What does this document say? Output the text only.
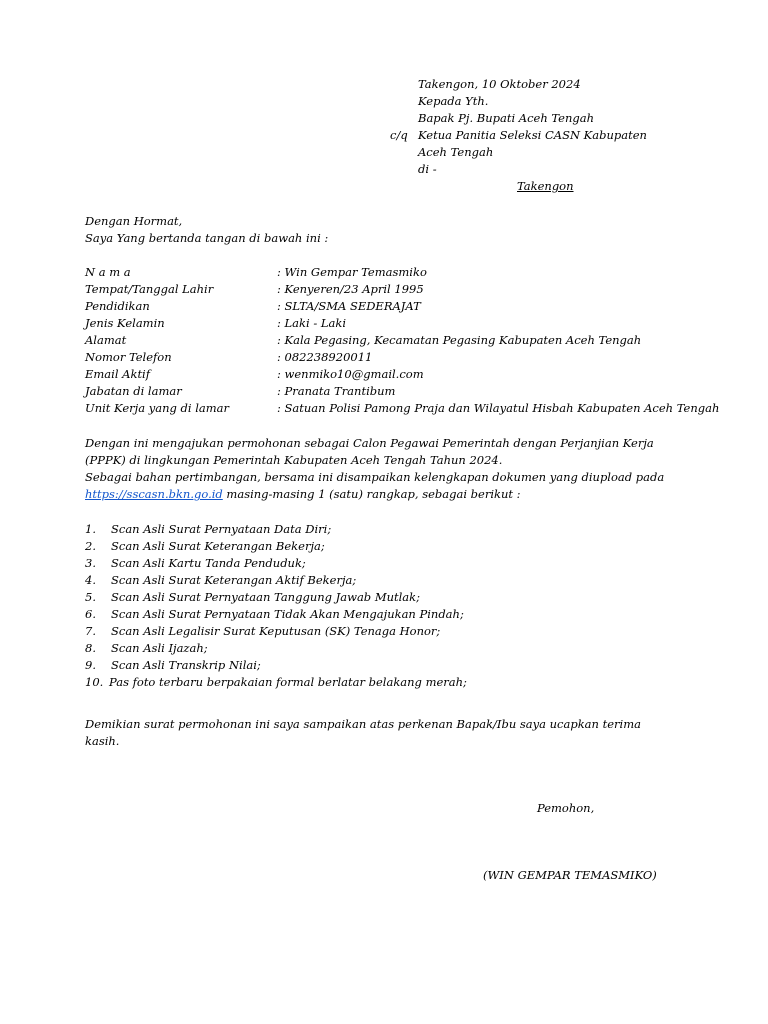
Takengon, 10 Oktober 2024
Kepada Yth.
Bapak Pj. Bupati Aceh Tengah
c/q Ketua Panitia Seleksi CASN Kabupaten
Aceh Tengah
di -
Takengon
Dengan Hormat,
Saya Yang bertanda tangan di bawah ini :
N a m a	: Win Gempar Temasmiko
Tempat/Tanggal Lahir	: Kenyeren/23 April 1995
Pendidikan	: SLTA/SMA SEDERAJAT
Jenis Kelamin	: Laki - Laki
Alamat	: Kala Pegasing, Kecamatan Pegasing Kabupaten Aceh Tengah
Nomor Telefon	: 082238920011
Email Aktif	: wenmiko10@gmail.com
Jabatan di lamar	: Pranata Trantibum
Unit Kerja yang di lamar	: Satuan Polisi Pamong Praja dan Wilayatul Hisbah Kabupaten Aceh Tengah
Dengan ini mengajukan permohonan sebagai Calon Pegawai Pemerintah dengan Perjanjian Kerja
(PPPK) di lingkungan Pemerintah Kabupaten Aceh Tengah Tahun 2024.
Sebagai bahan pertimbangan, bersama ini disampaikan kelengkapan dokumen yang diupload pada
https://sscasn.bkn.go.id masing-masing 1 (satu) rangkap, sebagai berikut :
1. Scan Asli Surat Pernyataan Data Diri;
2. Scan Asli Surat Keterangan Bekerja;
3. Scan Asli Kartu Tanda Penduduk;
4. Scan Asli Surat Keterangan Aktif Bekerja;
5. Scan Asli Surat Pernyataan Tanggung Jawab Mutlak;
6. Scan Asli Surat Pernyataan Tidak Akan Mengajukan Pindah;
7. Scan Asli Legalisir Surat Keputusan (SK) Tenaga Honor;
8. Scan Asli Ijazah;
9. Scan Asli Transkrip Nilai;
10. Pas foto terbaru berpakaian formal berlatar belakang merah;
Demikian surat permohonan ini saya sampaikan atas perkenan Bapak/Ibu saya ucapkan terima
kasih.
Pemohon,
(WIN GEMPAR TEMASMIKO)
